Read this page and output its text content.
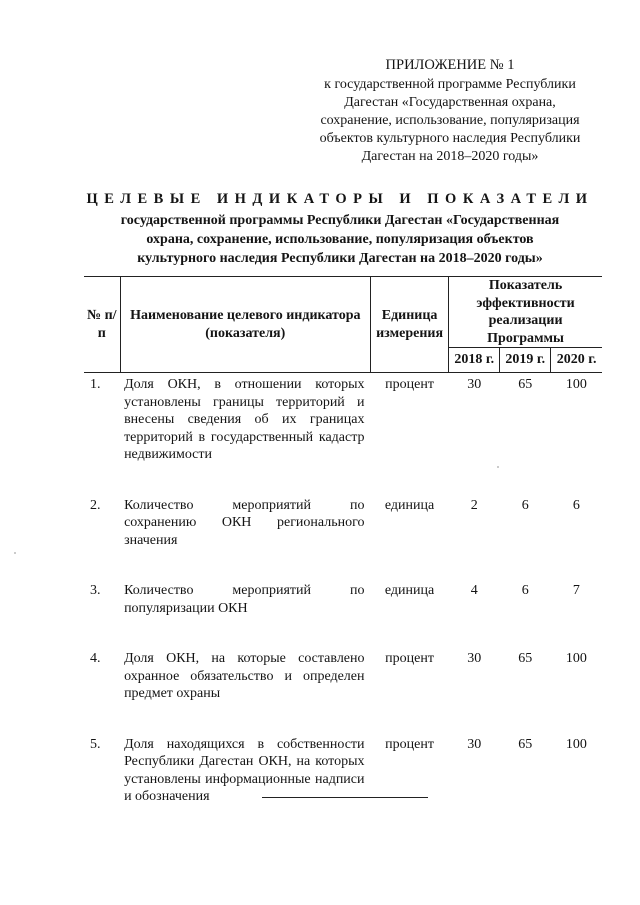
ПРИЛОЖЕНИЕ № 1
к государственной программе Республики
Дагестан «Государственная охрана,
сохранение, использование, популяризация
объектов культурного наследия Республики
Дагестан на 2018–2020 годы»
ЦЕЛЕВЫЕ ИНДИКАТОРЫ И ПОКАЗАТЕЛИ
государственной программы Республики Дагестан «Государственная
охрана, сохранение, использование, популяризация объектов
культурного наследия Республики Дагестан на 2018–2020 годы»
№ п/п	Наименование целевого индикатора (показателя)	Единица измерения	Показатель эффективности реализации Программы		
			2018 г.	2019 г.	2020 г.
1.	Доля ОКН, в отношении которых установлены границы территорий и внесены сведения об их границах территорий в государственный кадастр недвижимости	процент	30	65	100
2.	Количество мероприятий по сохранению ОКН регионального значения	единица	2	6	6
3.	Количество мероприятий по популяризации ОКН	единица	4	6	7
4.	Доля ОКН, на которые составлено охранное обязательство и определен предмет охраны	процент	30	65	100
5.	Доля находящихся в собственности Республики Дагестан ОКН, на которых установлены информационные надписи и обозначения	процент	30	65	100
